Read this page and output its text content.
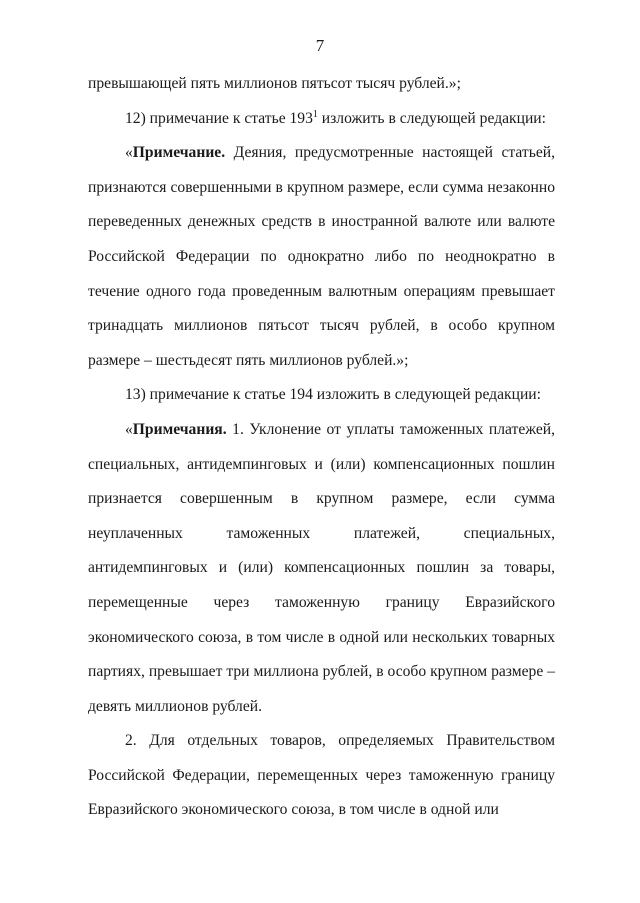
7

превышающей пять миллионов пятьсот тысяч рублей.»;

12) примечание к статье $193^1$ изложить в следующей редакции:

«Примечание. Деяния, предусмотренные настоящей статьей, признаются совершенными в крупном размере, если сумма незаконно переведенных денежных средств в иностранной валюте или валюте Российской Федерации по однократно либо по неоднократно в течение одного года проведенным валютным операциям превышает тринадцать миллионов пятьсот тысяч рублей, в особо крупном размере – шестьдесят пять миллионов рублей.»;

13) примечание к статье 194 изложить в следующей редакции:

«Примечания. 1. Уклонение от уплаты таможенных платежей, специальных, антидемпинговых и (или) компенсационных пошлин признается совершенным в крупном размере, если сумма неуплаченных таможенных платежей, специальных, антидемпинговых и (или) компенсационных пошлин за товары, перемещенные через таможенную границу Евразийского экономического союза, в том числе в одной или нескольких товарных партиях, превышает три миллиона рублей, в особо крупном размере – девять миллионов рублей.

2. Для отдельных товаров, определяемых Правительством Российской Федерации, перемещенных через таможенную границу Евразийского экономического союза, в том числе в одной или
